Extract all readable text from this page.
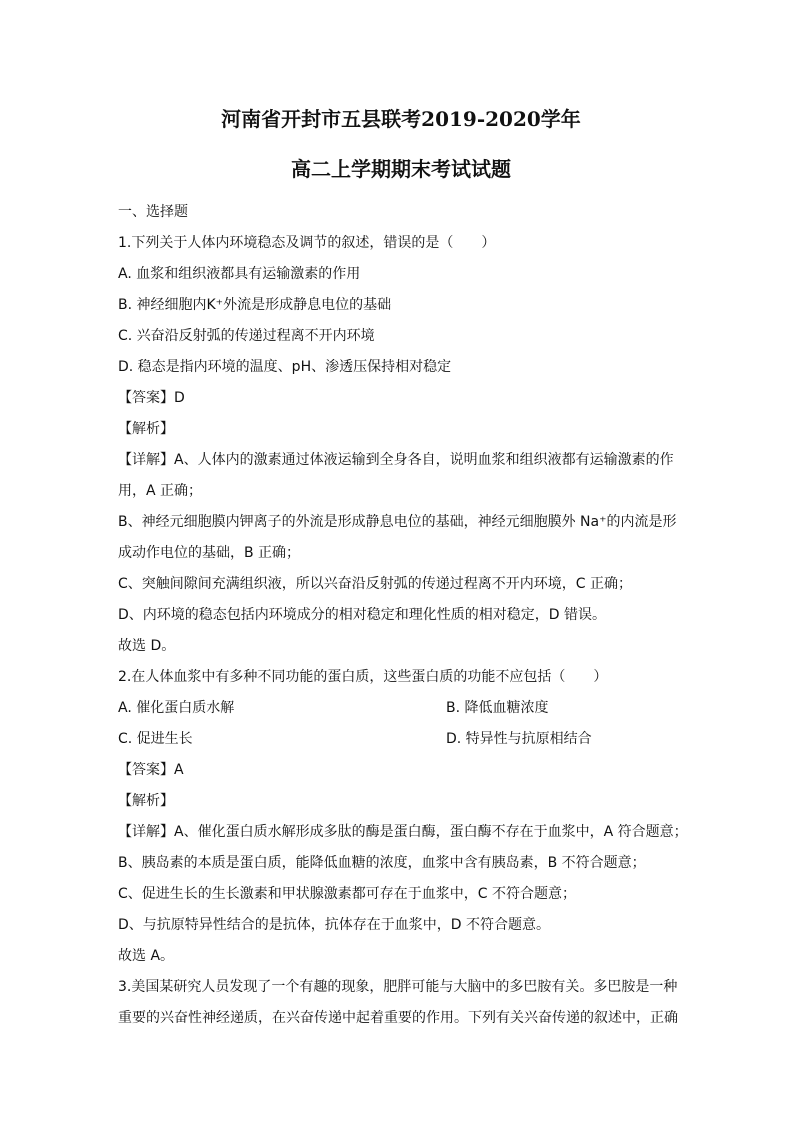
河南省开封市五县联考2019-2020学年
高二上学期期末考试试题

一、选择题

1.下列关于人体内环境稳态及调节的叙述，错误的是（　　）

A. 血浆和组织液都具有运输激素的作用

B. 神经细胞内K⁺外流是形成静息电位的基础

C. 兴奋沿反射弧的传递过程离不开内环境

D. 稳态是指内环境的温度、pH、渗透压保持相对稳定

【答案】D

【解析】

【详解】A、人体内的激素通过体液运输到全身各自，说明血浆和组织液都有运输激素的作

用，A 正确；

B、神经元细胞膜内钾离子的外流是形成静息电位的基础，神经元细胞膜外 Na⁺的内流是形

成动作电位的基础，B 正确；

C、突触间隙间充满组织液，所以兴奋沿反射弧的传递过程离不开内环境，C 正确；

D、内环境的稳态包括内环境成分的相对稳定和理化性质的相对稳定，D 错误。

故选 D。

2.在人体血浆中有多种不同功能的蛋白质，这些蛋白质的功能不应包括（　　）

A. 催化蛋白质水解	B. 降低血糖浓度
C. 促进生长	D. 特异性与抗原相结合

【答案】A

【解析】

【详解】A、催化蛋白质水解形成多肽的酶是蛋白酶，蛋白酶不存在于血浆中，A 符合题意；

B、胰岛素的本质是蛋白质，能降低血糖的浓度，血浆中含有胰岛素，B 不符合题意；

C、促进生长的生长激素和甲状腺激素都可存在于血浆中，C 不符合题意；

D、与抗原特异性结合的是抗体，抗体存在于血浆中，D 不符合题意。

故选 A。

3.美国某研究人员发现了一个有趣的现象，肥胖可能与大脑中的多巴胺有关。多巴胺是一种

重要的兴奋性神经递质，在兴奋传递中起着重要的作用。下列有关兴奋传递的叙述中，正确
